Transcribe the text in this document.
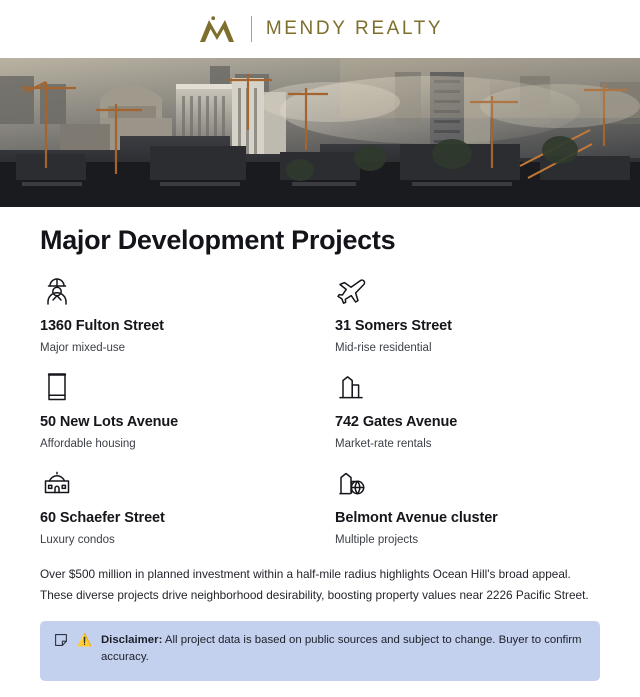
MENDY REALTY
Major Development Projects
1360 Fulton Street
Major mixed-use
31 Somers Street
Mid-rise residential
50 New Lots Avenue
Affordable housing
742 Gates Avenue
Market-rate rentals
60 Schaefer Street
Luxury condos
Belmont Avenue cluster
Multiple projects

Over $500 million in planned investment within a half-mile radius highlights Ocean Hill's broad appeal. These diverse projects drive neighborhood desirability, boosting property values near 2226 Pacific Street.

⚠️ Disclaimer: All project data is based on public sources and subject to change. Buyer to confirm accuracy.
